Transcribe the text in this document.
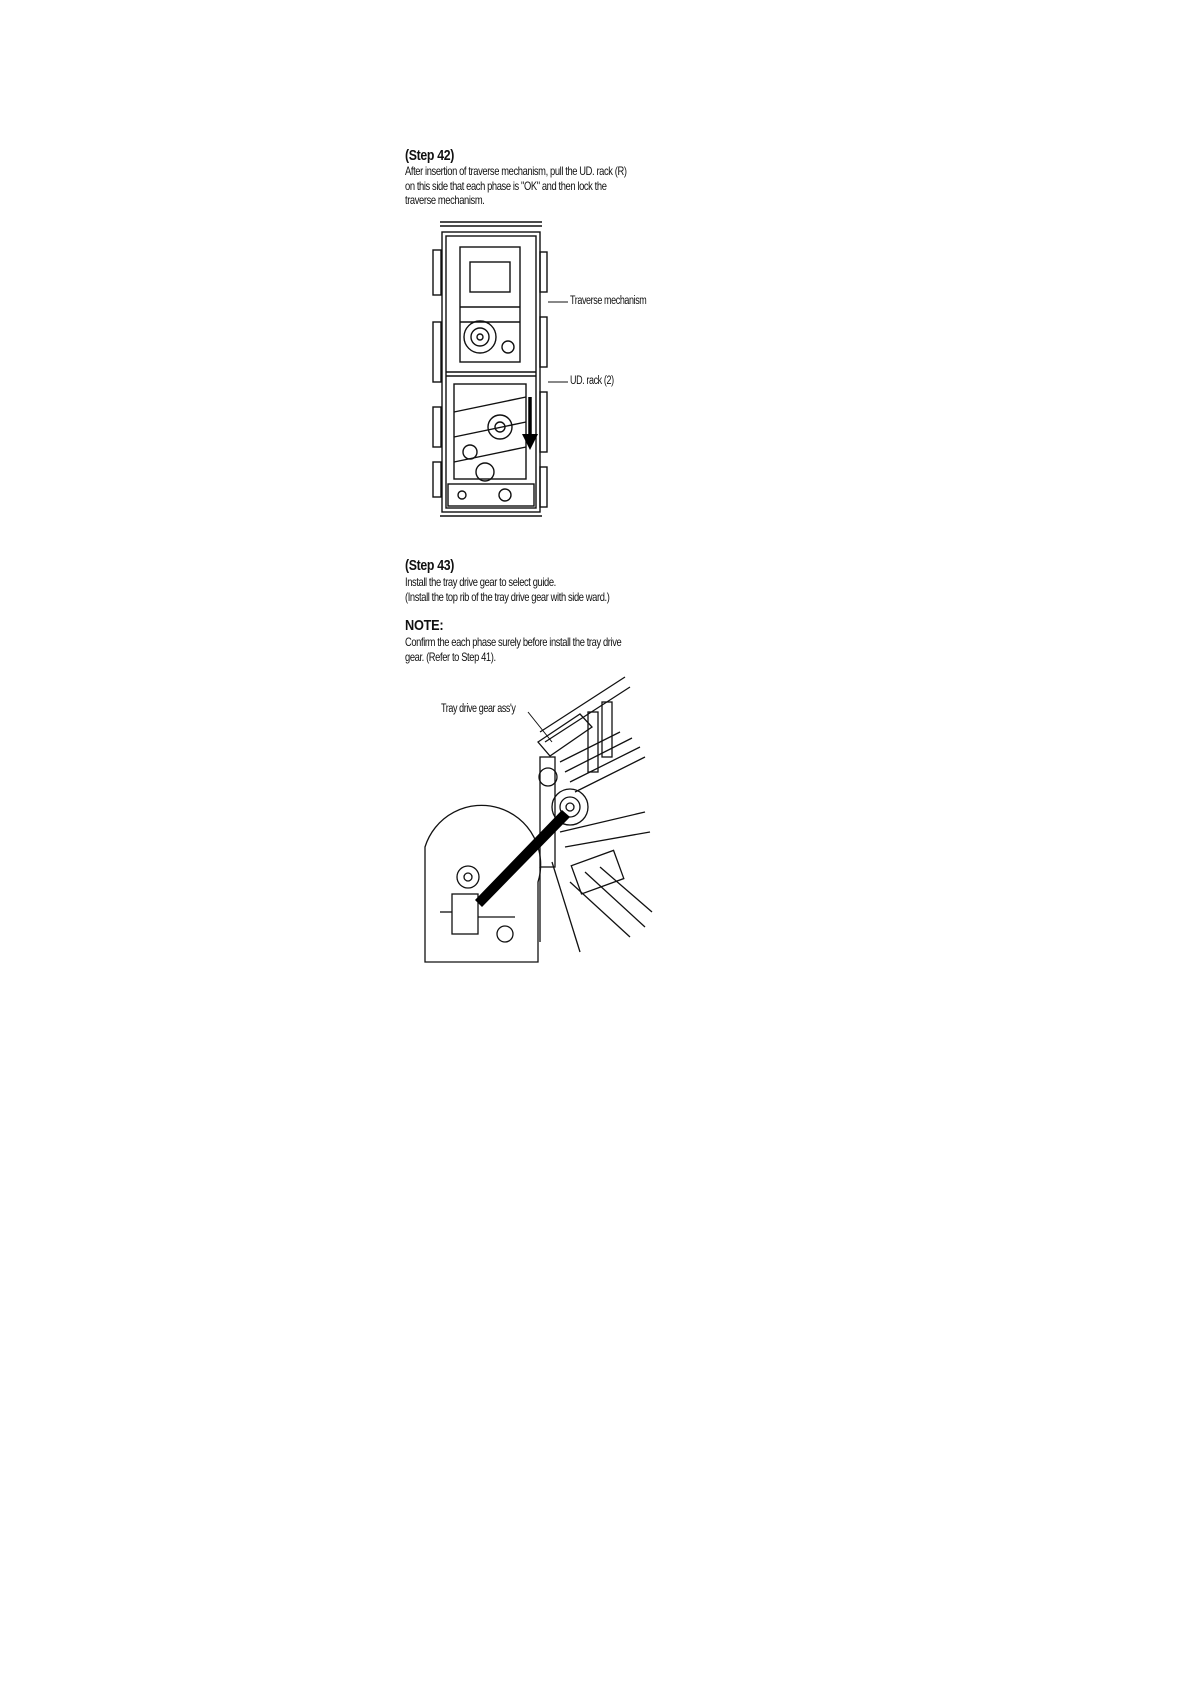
(Step 42)
After insertion of traverse mechanism, pull the UD. rack (R)
on this side that each phase is "OK" and then lock the
traverse mechanism.
Traverse mechanism
UD. rack (2)
(Step 43)
Install the tray drive gear to select guide.
(Install the top rib of the tray drive gear with side ward.)
NOTE:
Confirm the each phase surely before install the tray drive
gear. (Refer to Step 41).
Tray drive gear ass'y
